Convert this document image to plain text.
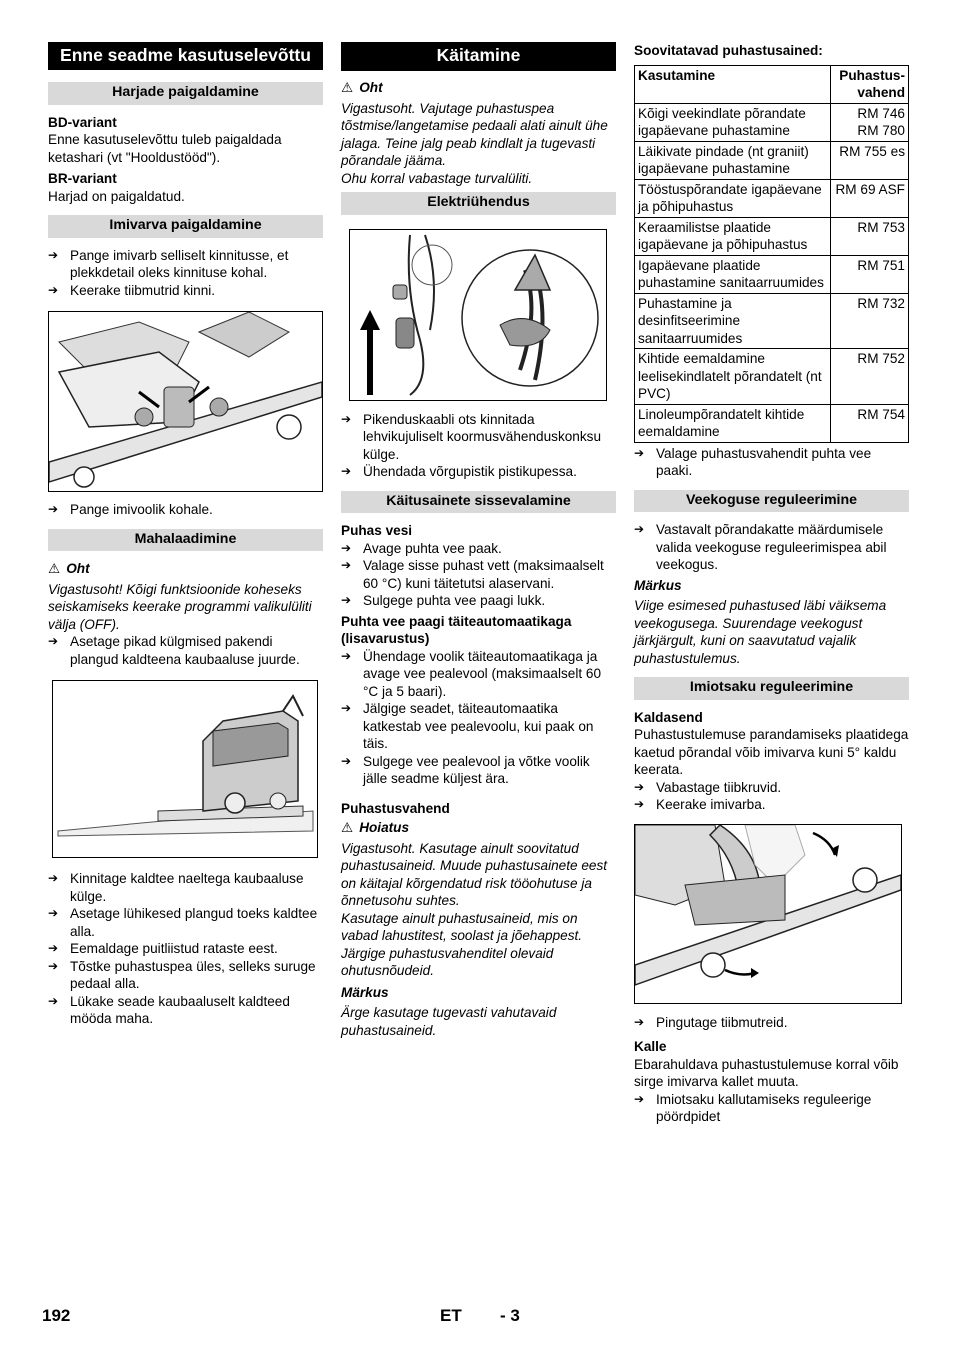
Enne seadme kasutuselevõttu
Harjade paigaldamine

BD-variant

Enne kasutuselevõttu tuleb paigaldada ketashari (vt "Hooldustööd").

BR-variant

Harjad on paigaldatud.

Imivarva paigaldamine

➔ Pange imivarb selliselt kinnitusse, et plekkdetail oleks kinnituse kohal.

➔ Keerake tiibmutrid kinni.

➔ Pange imivoolik kohale.

Mahalaadimine

⚠ Oht

Vigastusoht! Kõigi funktsioonide koheseks seiskamiseks keerake programmi valikulüliti välja (OFF).

➔ Asetage pikad külgmised pakendi plangud kaldteena kaubaaluse juurde.

➔ Kinnitage kaldtee naeltega kaubaaluse külge.

➔ Asetage lühikesed plangud toeks kaldtee alla.

➔ Eemaldage puitliistud rataste eest.

➔ Tõstke puhastuspea üles, selleks suruge pedaal alla.

➔ Lükake seade kaubaaluselt kaldteed mööda maha.

Käitamine

⚠ Oht

Vigastusoht. Vajutage puhastuspea tõstmise/langetamise pedaali alati ainult ühe jalaga. Teine jalg peab kindlalt ja tugevasti põrandale jääma.

Ohu korral vabastage turvalüliti.

Elektriühendus

➔ Pikenduskaabli ots kinnitada lehvikujuliselt koormusvähenduskonksu külge.

➔ Ühendada võrgupistik pistikupessa.

Käitusainete sissevalamine

Puhas vesi

➔ Avage puhta vee paak.

➔ Valage sisse puhast vett (maksimaalselt 60 °C) kuni täitetutsi alaservani.

➔ Sulgege puhta vee paagi lukk.

Puhta vee paagi täiteautomaatikaga (lisavarustus)

➔ Ühendage voolik täiteautomaatikaga ja avage vee pealevool (maksimaalselt 60 °C ja 5 baari).

➔ Jälgige seadet, täiteautomaatika katkestab vee pealevoolu, kui paak on täis.

➔ Sulgege vee pealevool ja võtke voolik jälle seadme küljest ära.

Puhastusvahend

⚠ Hoiatus

Vigastusoht. Kasutage ainult soovitatud puhastusaineid. Muude puhastusainete eest on käitajal kõrgendatud risk tööohutuse ja õnnetusohu suhtes.

Kasutage ainult puhastusaineid, mis on vabad lahustitest, soolast ja jõehappest.

Järgige puhastusvahenditel olevaid ohutusnõudeid.

Märkus

Ärge kasutage tugevasti vahutavaid puhastusaineid.

Soovitatavad puhastusained:

Kasutamine	Puhastus-
vahend
Kõigi veekindlate põrandate igapäevane puhastamine	RM 746
RM 780
Läikivate pindade (nt graniit) igapäevane puhastamine	RM 755 es
Tööstuspõrandate igapäevane ja põhipuhastus	RM 69 ASF
Keraamilistse plaatide igapäevane ja põhipuhastus	RM 753
Igapäevane plaatide puhastamine sanitaarruumides	RM 751
Puhastamine ja desinfitseerimine sanitaarruumides	RM 732
Kihtide eemaldamine leelisekindlatelt põrandatelt (nt PVC)	RM 752
Linoleumpõrandatelt kihtide eemaldamine	RM 754

➔ Valage puhastusvahendit puhta vee paaki.

Veekoguse reguleerimine

➔ Vastavalt põrandakatte määrdumisele valida veekoguse reguleerimispea abil veekogus.

Märkus

Viige esimesed puhastused läbi väiksema veekogusega. Suurendage veekogust järkjärgult, kuni on saavutatud vajalik puhastustulemus.

Imiotsaku reguleerimine

Kaldasend

Puhastustulemuse parandamiseks plaatidega kaetud põrandal võib imivarva kuni 5° kaldu keerata.

➔ Vabastage tiibkruvid.

➔ Keerake imivarba.

➔ Pingutage tiibmutreid.

Kalle

Ebarahuldava puhastustulemuse korral võib sirge imivarva kallet muuta.

➔ Imiotsaku kallutamiseks reguleerige pöördpidet

192	ET - 3
